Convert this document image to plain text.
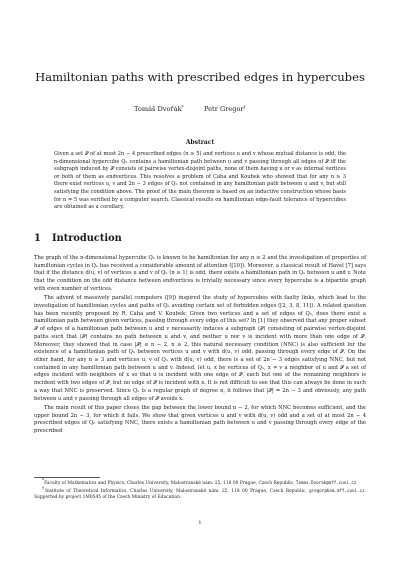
Hamiltonian paths with prescribed edges in hypercubes
Tomáš Dvořák*	Petr Gregor†
Abstract
Given a set 𝒫 of at most 2n − 4 prescribed edges (n ≥ 5) and vertices u and v whose mutual distance is odd, the n-dimensional hypercube Qₙ contains a hamiltonian path between u and v passing through all edges of 𝒫 iff the subgraph induced by 𝒫 consists of pairwise vertex-disjoint paths, none of them having u or v as internal vertices or both of them as endvertices. This resolves a problem of Caha and Koubek who showed that for any n ≥ 3 there exist vertices u, v and 2n − 3 edges of Qₙ not contained in any hamiltonian path between u and v, but still satisfying the condition above. The proof of the main theorem is based on an inductive construction whose basis for n = 5 was verified by a computer search. Classical results on hamiltonian edge-fault tolerance of hypercubes are obtained as a corollary.
1 Introduction

The graph of the n-dimensional hypercube Qₙ is known to be hamiltonian for any n ≥ 2 and the investigation of properties of hamiltonian cycles in Qₙ has received a considerable amount of attention ([10]). Moreover, a classical result of Havel [7] says that if the distance d(u, v) of vertices u and v of Qₙ (n ≥ 1) is odd, there exists a hamiltonian path in Qₙ between u and v. Note that the condition on the odd distance between endvertices is trivially necessary since every hypercube is a bipartite graph with even number of vertices.

The advent of massively parallel computers ([9]) inspired the study of hypercubes with faulty links, which lead to the investigation of hamiltonian cycles and paths of Qₙ avoiding certain set of forbidden edges ([2, 3, 8, 11]). A related question has been recently proposed by R. Caha and V. Koubek: Given two vertices and a set of edges of Qₙ, does there exist a hamiltonian path between given vertices, passing through every edge of this set? In [1] they observed that any proper subset 𝒫 of edges of a hamiltonian path between u and v necessarily induces a subgraph ⟨𝒫⟩ consisting of pairwise vertex-disjoint paths such that ⟨𝒫⟩ contains no path between u and v, and neither u nor v is incident with more than one edge of 𝒫. Moreover, they showed that in case |𝒫| ≤ n − 2, n ≥ 2, this natural necessary condition (NNC) is also sufficient for the existence of a hamiltonian path of Qₙ between vertices u and v with d(u, v) odd, passing through every edge of 𝒫. On the other hand, for any n ≥ 3 and vertices u, v of Qₙ with d(u, v) odd, there is a set of 2n − 3 edges satisfying NNC, but not contained in any hamiltonian path between u and v. Indeed, let u, x be vertices of Qₙ, x ≠ v a neighbor of u and 𝒫 a set of edges incident with neighbors of x so that u is incident with one edge of 𝒫, each but one of the remaining neighbors is incident with two edges of 𝒫, but no edge of 𝒫 is incident with x. It is not difficult to see that this can always be done in such a way that NNC is preserved. Since Qₙ is a regular graph of degree n, it follows that |𝒫| = 2n − 3 and obviously, any path between u and v passing through all edges of 𝒫 avoids x.

The main result of this paper closes the gap between the lower bound n − 2, for which NNC becomes sufficient, and the upper bound 2n − 3, for which it fails. We show that given vertices u and v with d(u, v) odd and a set of at most 2n − 4 prescribed edges of Qₙ satisfying NNC, there exists a hamiltonian path between u and v passing through every edge of the prescribed

*Faculty of Mathematics and Physics, Charles University, Malostranské nám. 25, 118 00 Prague, Czech Republic, Tomas.Dvorak@mff.cuni.cz

†Institute of Theoretical Informatics, Charles University, Malostranské nám. 25, 118 00 Prague, Czech Republic, gregor@kam.mff.cuni.cz. Supported by project 1M0545 of the Czech Ministry of Education.

1
